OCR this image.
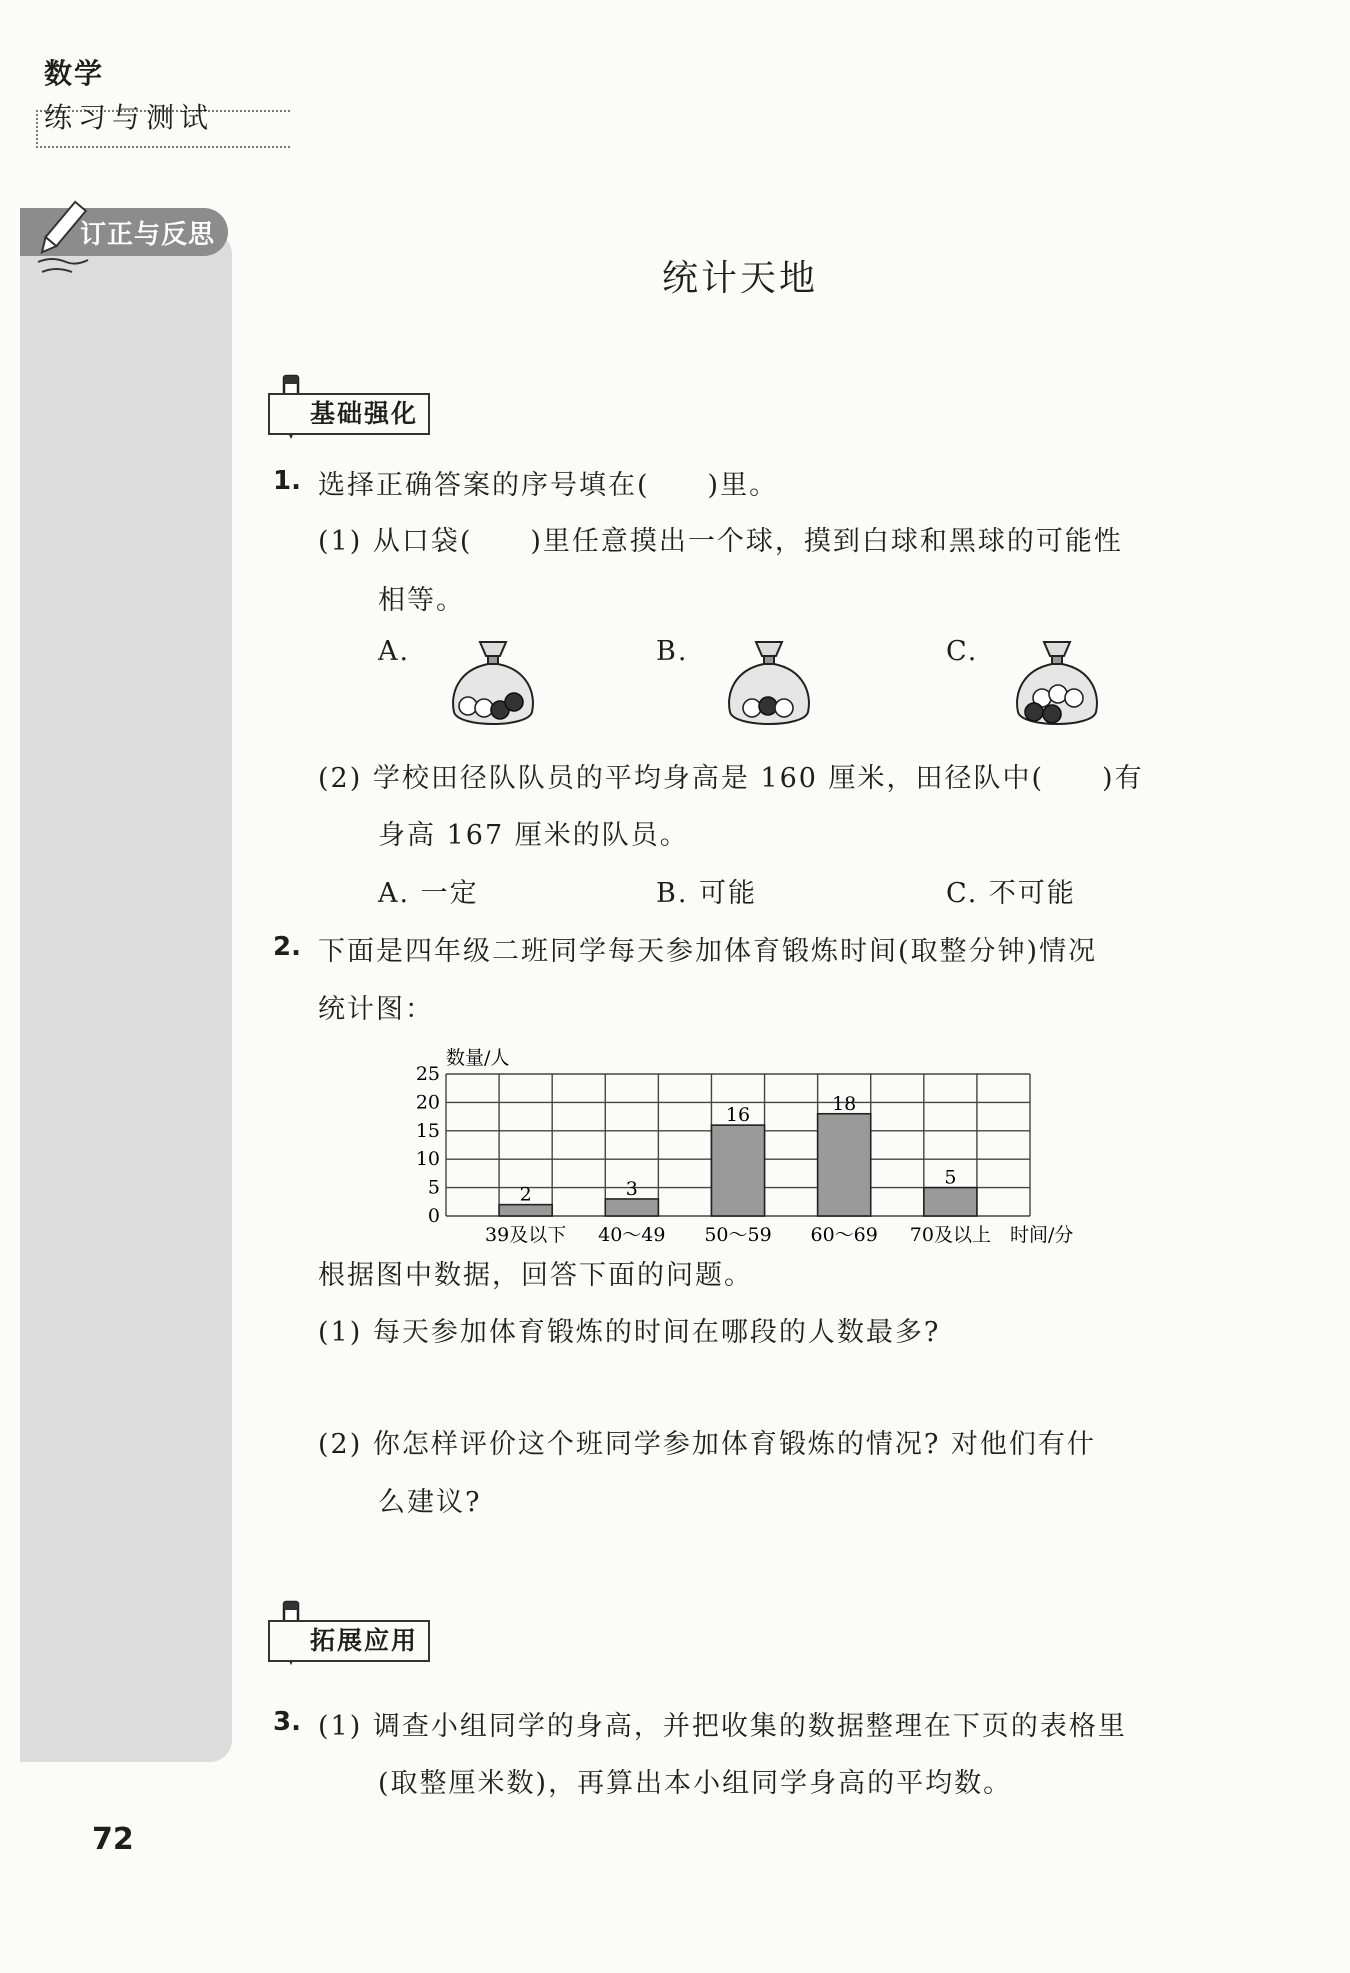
数学
练习与测试
订正与反思
统计天地
基础强化
1. 选择正确答案的序号填在(　　)里。
(1) 从口袋(　　)里任意摸出一个球，摸到白球和黑球的可能性
相等。
A.	B.	C.
(2) 学校田径队队员的平均身高是 160 厘米，田径队中(　　)有
身高 167 厘米的队员。
A. 一定	B. 可能	C. 不可能
2. 下面是四年级二班同学每天参加体育锻炼时间(取整分钟)情况
统计图：
0
5
10
15
20
25
39及以下 40～49 50～59 60～69 70及以上
2	3
16
18
5
数量/人
时间/分
根据图中数据，回答下面的问题。
(1) 每天参加体育锻炼的时间在哪段的人数最多?
(2) 你怎样评价这个班同学参加体育锻炼的情况? 对他们有什
么建议?
拓展应用
3. (1) 调查小组同学的身高，并把收集的数据整理在下页的表格里
(取整厘米数)，再算出本小组同学身高的平均数。
72
